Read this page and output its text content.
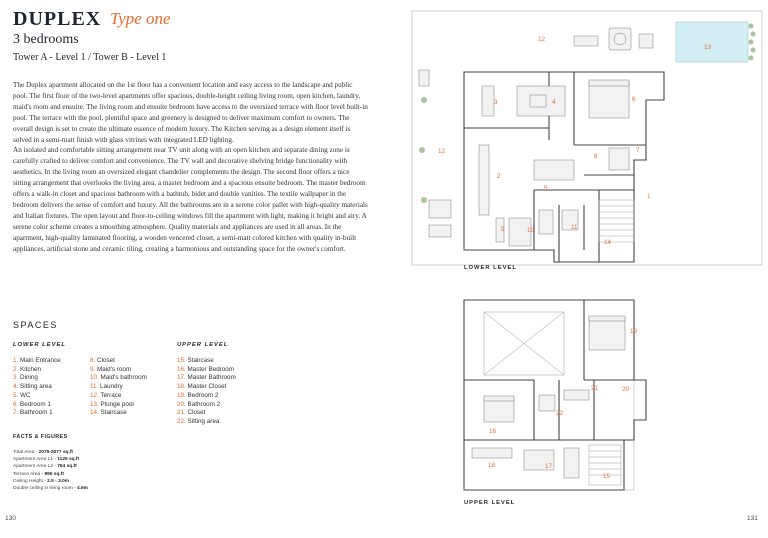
DUPLEX Type one
3 bedrooms
Tower A - Level 1 / Tower B - Level 1

The Duplex apartment allocated on the 1st floor has a convenient location and easy access to the landscape and public pool. The first floor of the two-level apartments offer spacious, double-height ceiling living room, open kitchen, laundry, maid's room and ensuite. The living room and ensuite bedroom have access to the oversized terrace with floor level built-in pool. The terrace with the pool, plentiful space and greenery is designed to deliver maximum comfort to owners. The overall design is set to create the ultimate essence of modern luxury. The Kitchen serving as a design element itself is solved in a semi-matt finish with glass vitrines with integrated LED lighting.

An isolated and comfortable sitting arrangement near TV unit along with an open kitchen and separate dining zone is carefully crafted to deliver comfort and convenience. The TV wall and decorative shelving bridge functionality with aesthetics. In the living room an oversized elegant chandelier complements the design. The second floor offers a nice sitting arrangement that overlooks the living area, a master bedroom and a spacious ensuite bedroom. The master bedroom offers a walk-in closet and spacious bathroom with a bathtub, bidet and double vanities. The textile wallpaper in the bedroom delivers the sense of comfort and luxury. All the bathrooms are in a serene color pallet with high-quality materials and Italian fixtures. The open layout and floor-to-ceiling windows fill the apartment with light, making it bright and airy. A serene color scheme creates a smoothing atmosphere. Quality materials and appliances are used in all areas. In the apartment, high-quality laminated flooring, a wooden vencered closet, a semi-matt colored kitchen with quality in-built appliances, artificial stone and ceramic tiling, creating a harmonious and outstanding space for the owner's comfort.

SPACES
LOWER LEVEL	UPPER LEVEL
1. Main Entrance
2. Kitchen
3. Dining
4. Sitting area
5. WC
6. Bedroom 1
7. Bathroom 1
8. Closet
9. Maid's room
10. Maid's bathroom
11. Laundry
12. Terrace
13. Plunge pool
14. Staircase
15. Staircase
16. Master Bedroom
17. Master Bathroom
18. Master Closet
19. Bedroom 2
20. Bathroom 2
21. Closet
22. Sitting area
FACTS & FIGURES
Total Area - 2075-2077 sq.ft
Apartment Area L1 - 1125 sq.ft
Apartment Area L2 - 764 sq.ft
Terrace Area - 990 sq.ft
Ceiling Height - 2.5 - 3.0m
Double ceiling in living room - 4.6m
130
1
2
3	4
5
6
7
8
9	10	11
12
12
13
14
15
16
17
18
19
20
21
22
LOWER LEVEL
UPPER LEVEL
131
